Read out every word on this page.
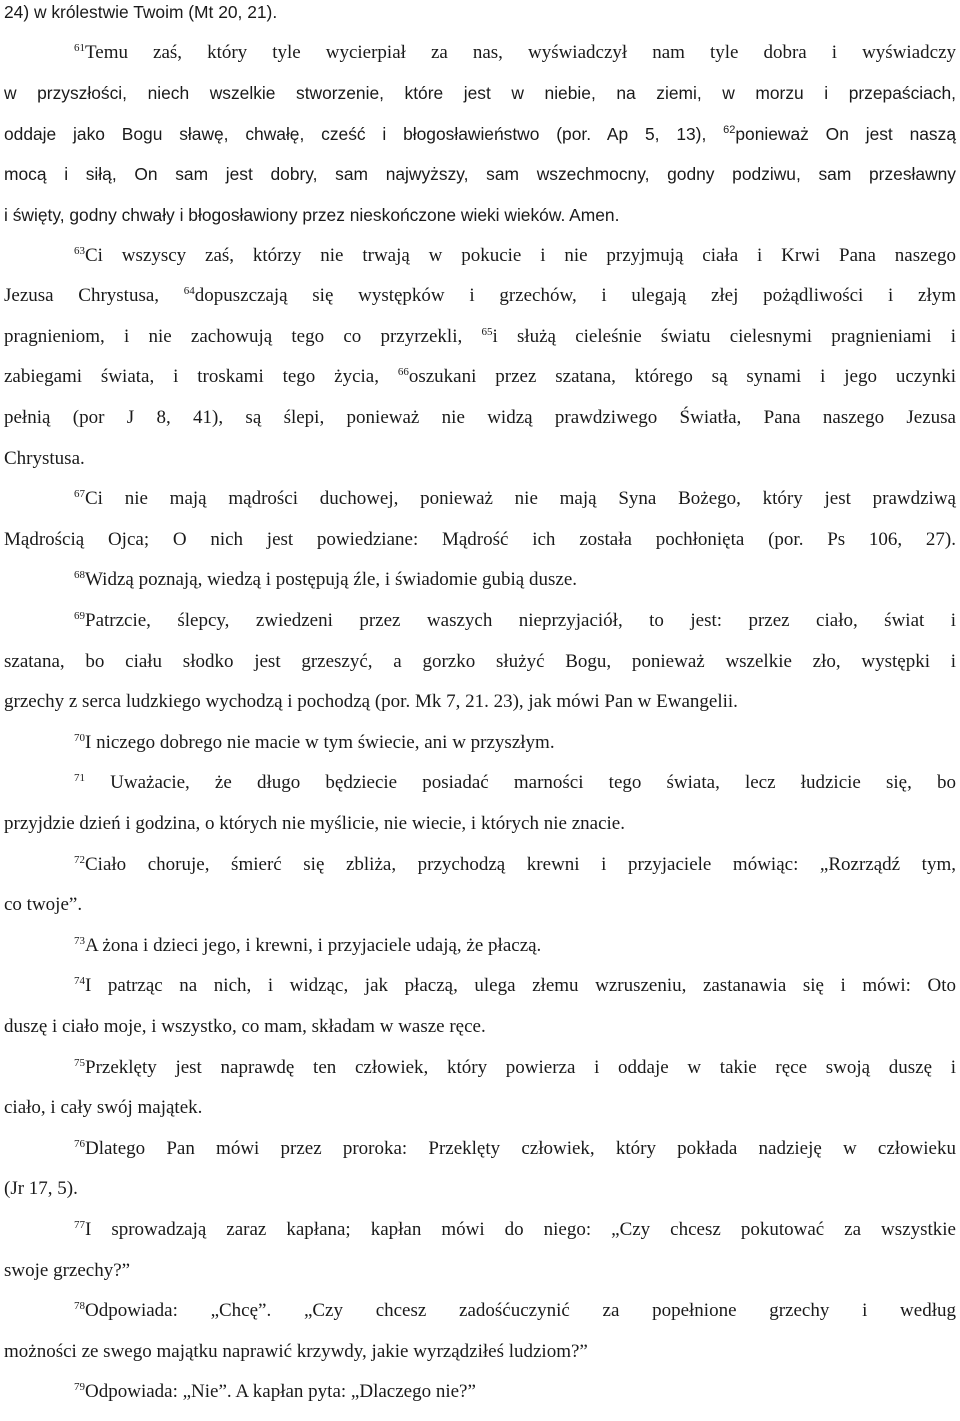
24) w królestwie Twoim (Mt 20, 21).
$^{61}$Temu zaś, który tyle wycierpiał za nas, wyświadczył nam tyle dobra i wyświadczy
w przyszłości, niech wszelkie stworzenie, które jest w niebie, na ziemi, w morzu i przepaściach,
oddaje jako Bogu sławę, chwałę, cześć i błogosławieństwo (por. Ap 5, 13), $^{62}$ponieważ On jest naszą
mocą i siłą, On sam jest dobry, sam najwyższy, sam wszechmocny, godny podziwu, sam przesławny
i święty, godny chwały i błogosławiony przez nieskończone wieki wieków. Amen.
$^{63}$Ci wszyscy zaś, którzy nie trwają w pokucie i nie przyjmują ciała i Krwi Pana naszego
Jezusa Chrystusa, $^{64}$dopuszczają się występków i grzechów, i ulegają złej pożądliwości i złym
pragnieniom, i nie zachowują tego co przyrzekli, $^{65}$i służą cieleśnie światu cielesnymi pragnieniami i
zabiegami świata, i troskami tego życia, $^{66}$oszukani przez szatana, którego są synami i jego uczynki
pełnią (por J 8, 41), są ślepi, ponieważ nie widzą prawdziwego Światła, Pana naszego Jezusa
Chrystusa.
$^{67}$Ci nie mają mądrości duchowej, ponieważ nie mają Syna Bożego, który jest prawdziwą
Mądrością Ojca; O nich jest powiedziane: Mądrość ich została pochłonięta (por. Ps 106, 27).
$^{68}$Widzą poznają, wiedzą i postępują źle, i świadomie gubią dusze.
$^{69}$Patrzcie, ślepcy, zwiedzeni przez waszych nieprzyjaciół, to jest: przez ciało, świat i
szatana, bo ciału słodko jest grzeszyć, a gorzko służyć Bogu, ponieważ wszelkie zło, występki i
grzechy z serca ludzkiego wychodzą i pochodzą (por. Mk 7, 21. 23), jak mówi Pan w Ewangelii.
$^{70}$I niczego dobrego nie macie w tym świecie, ani w przyszłym.
$^{71}$ Uważacie, że długo będziecie posiadać marności tego świata, lecz łudzicie się, bo
przyjdzie dzień i godzina, o których nie myślicie, nie wiecie, i których nie znacie.
$^{72}$Ciało choruje, śmierć się zbliża, przychodzą krewni i przyjaciele mówiąc: „Rozrządź tym,
co twoje”.
$^{73}$A żona i dzieci jego, i krewni, i przyjaciele udają, że płaczą.
$^{74}$I patrząc na nich, i widząc, jak płaczą, ulega złemu wzruszeniu, zastanawia się i mówi: Oto
duszę i ciało moje, i wszystko, co mam, składam w wasze ręce.
$^{75}$Przeklęty jest naprawdę ten człowiek, który powierza i oddaje w takie ręce swoją duszę i
ciało, i cały swój majątek.
$^{76}$Dlatego Pan mówi przez proroka: Przeklęty człowiek, który pokłada nadzieję w człowieku
(Jr 17, 5).
$^{77}$I sprowadzają zaraz kapłana; kapłan mówi do niego: „Czy chcesz pokutować za wszystkie
swoje grzechy?”
$^{78}$Odpowiada: „Chcę”. „Czy chcesz zadośćuczynić za popełnione grzechy i według
możności ze swego majątku naprawić krzywdy, jakie wyrządziłeś ludziom?”
$^{79}$Odpowiada: „Nie”. A kapłan pyta: „Dlaczego nie?”
